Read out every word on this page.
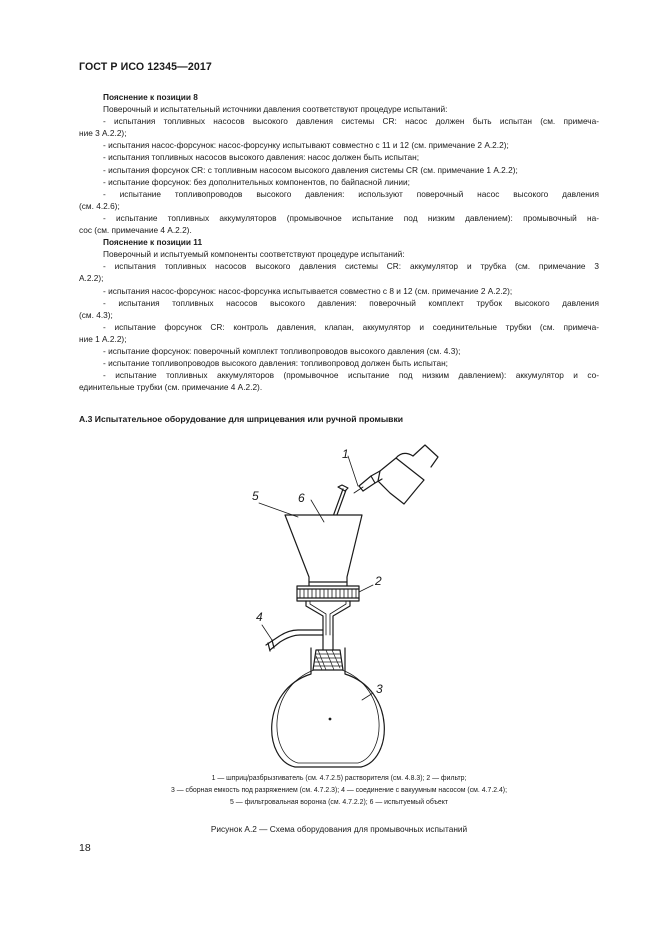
ГОСТ Р ИСО 12345—2017
Пояснение к позиции 8
Поверочный и испытательный источники давления соответствуют процедуре испытаний:
- испытания топливных насосов высокого давления системы CR: насос должен быть испытан (см. примеча-
ние 3 А.2.2);
- испытания насос-форсунок: насос-форсунку испытывают совместно с 11 и 12 (см. примечание 2 А.2.2);
- испытания топливных насосов высокого давления: насос должен быть испытан;
- испытания форсунок CR: с топливным насосом высокого давления системы CR (см. примечание 1 А.2.2);
- испытание форсунок: без дополнительных компонентов, по байпасной линии;
- испытание топливопроводов высокого давления: используют поверочный насос высокого давления
(см. 4.2.6);
- испытание топливных аккумуляторов (промывочное испытание под низким давлением): промывочный на-
сос (см. примечание 4 А.2.2).
Пояснение к позиции 11
Поверочный и испытуемый компоненты соответствуют процедуре испытаний:
- испытания топливных насосов высокого давления системы CR: аккумулятор и трубка (см. примечание 3
А.2.2);
- испытания насос-форсунок: насос-форсунка испытывается совместно с 8 и 12 (см. примечание 2 А.2.2);
- испытания топливных насосов высокого давления: поверочный комплект трубок высокого давления
(см. 4.3);
- испытание форсунок CR: контроль давления, клапан, аккумулятор и соединительные трубки (см. примеча-
ние 1 А.2.2);
- испытание форсунок: поверочный комплект топливопроводов высокого давления (см. 4.3);
- испытание топливопроводов высокого давления: топливопровод должен быть испытан;
- испытание топливных аккумуляторов (промывочное испытание под низким давлением): аккумулятор и со-
единительные трубки (см. примечание 4 А.2.2).
А.3 Испытательное оборудование для шприцевания или ручной промывки
1
2
3
4
5	6
1 — шприц/разбрызгиватель (см. 4.7.2.5) растворителя (см. 4.8.3); 2 — фильтр;
3 — сборная емкость под разряжением (см. 4.7.2.3); 4 — соединение с вакуумным насосом (см. 4.7.2.4);
5 — фильтровальная воронка (см. 4.7.2.2); 6 — испытуемый объект
Рисунок А.2 — Схема оборудования для промывочных испытаний
18
